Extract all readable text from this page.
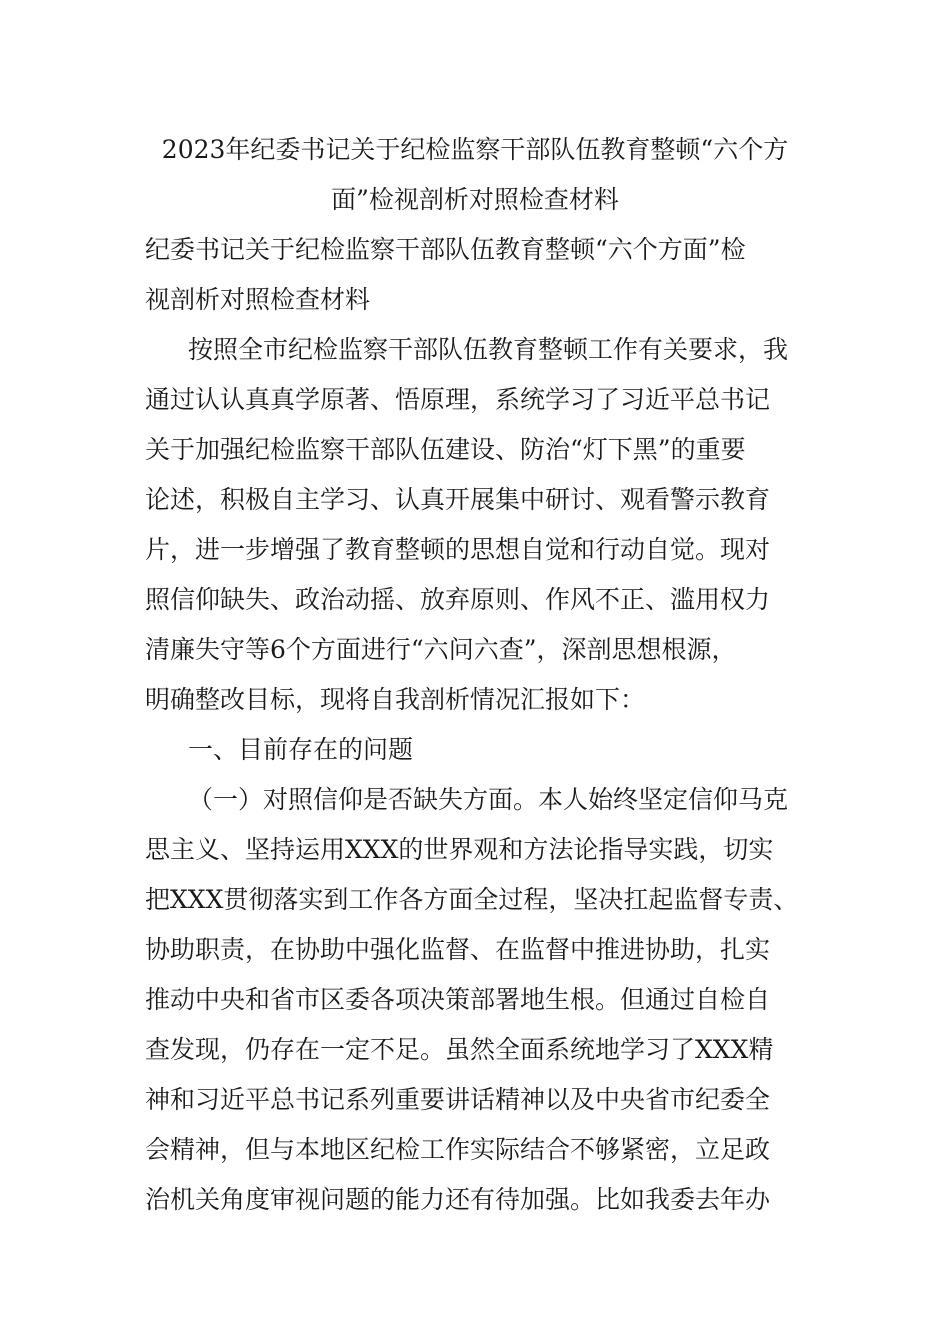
2023年纪委书记关于纪检监察干部队伍教育整顿“六个方
面”检视剖析对照检查材料
纪委书记关于纪检监察干部队伍教育整顿“六个方面”检
视剖析对照检查材料
按照全市纪检监察干部队伍教育整顿工作有关要求，我
通过认认真真学原著、悟原理，系统学习了习近平总书记
关于加强纪检监察干部队伍建设、防治“灯下黑”的重要
论述，积极自主学习、认真开展集中研讨、观看警示教育
片，进一步增强了教育整顿的思想自觉和行动自觉。现对
照信仰缺失、政治动摇、放弃原则、作风不正、滥用权力
清廉失守等6个方面进行“六问六查”，深剖思想根源，
明确整改目标，现将自我剖析情况汇报如下：
一、目前存在的问题
（一）对照信仰是否缺失方面。本人始终坚定信仰马克
思主义、坚持运用XXX的世界观和方法论指导实践，切实
把XXX贯彻落实到工作各方面全过程，坚决扛起监督专责、
协助职责，在协助中强化监督、在监督中推进协助，扎实
推动中央和省市区委各项决策部署地生根。但通过自检自
查发现，仍存在一定不足。虽然全面系统地学习了XXX精
神和习近平总书记系列重要讲话精神以及中央省市纪委全
会精神，但与本地区纪检工作实际结合不够紧密，立足政
治机关角度审视问题的能力还有待加强。比如我委去年办
